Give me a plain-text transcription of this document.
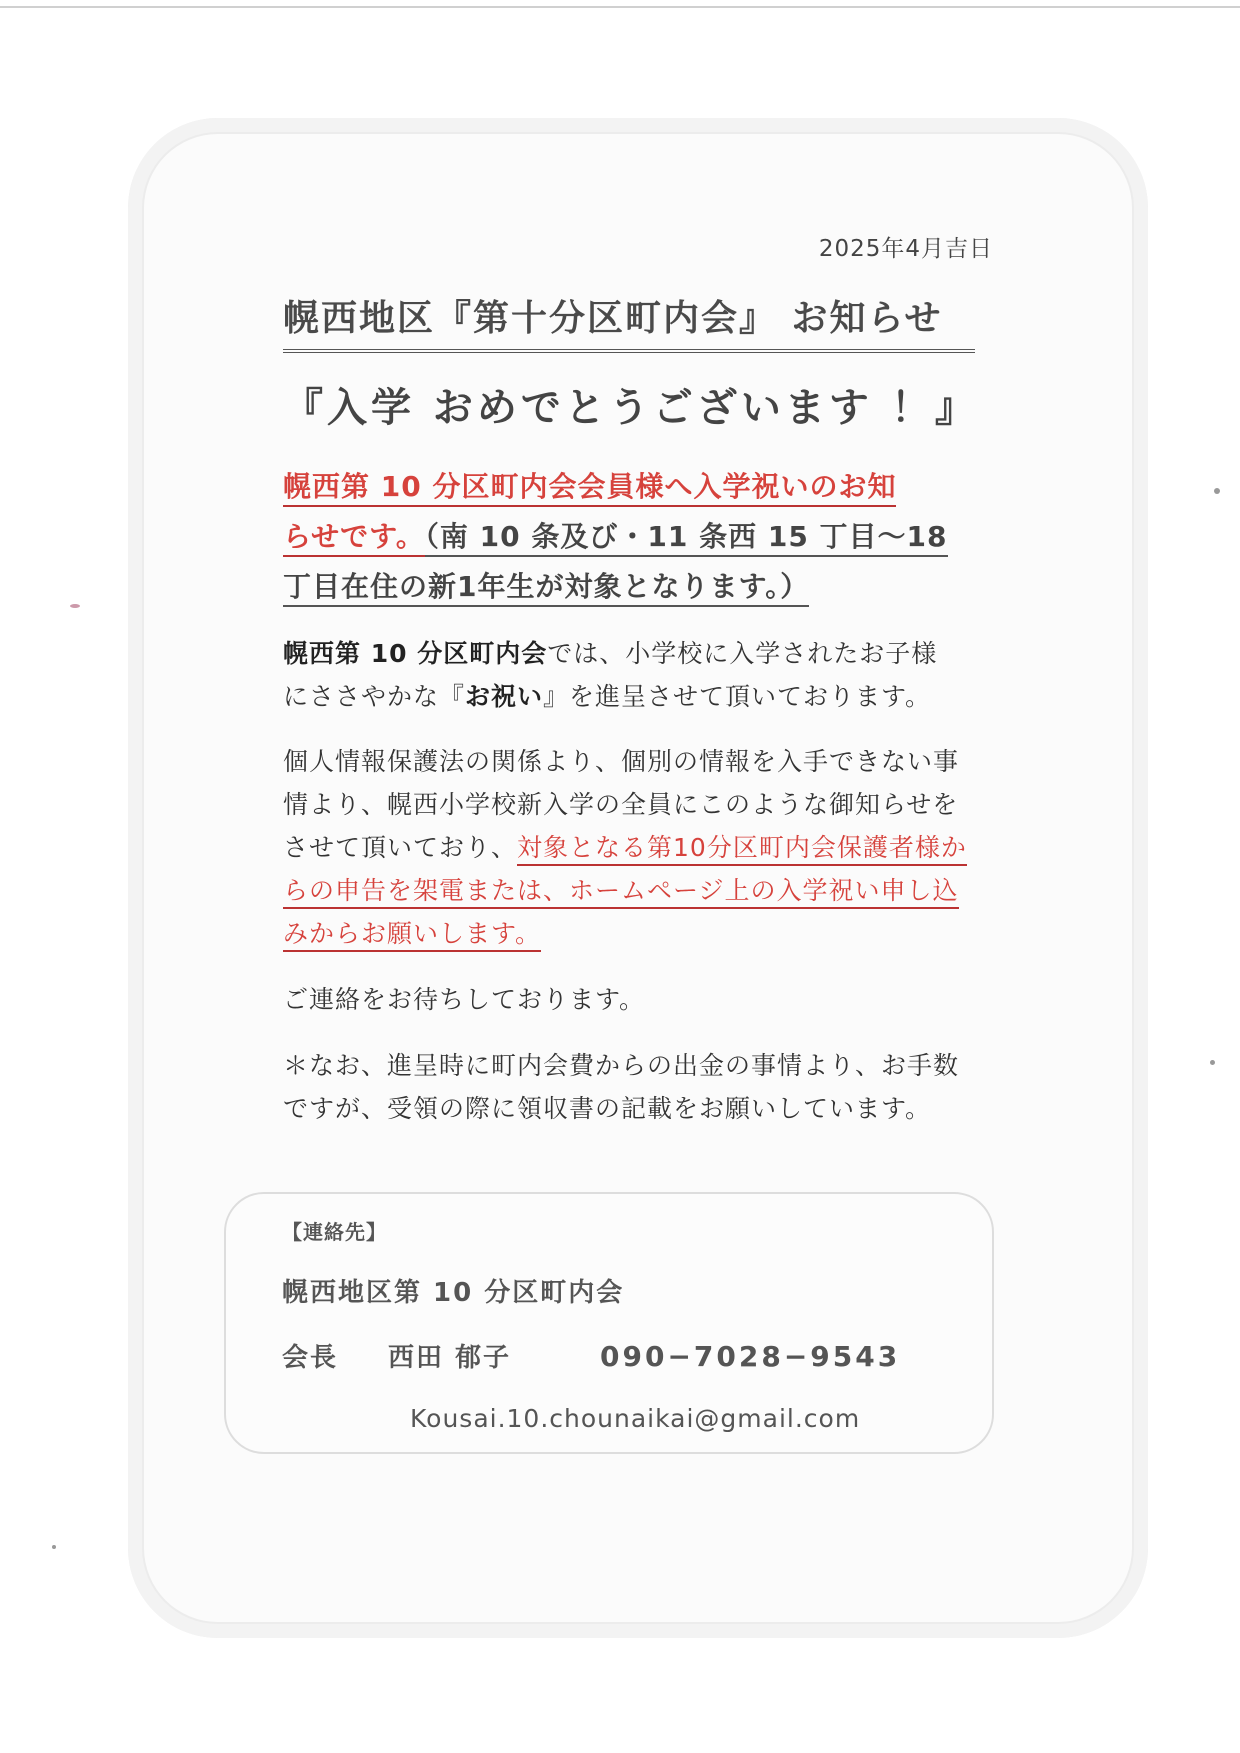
2025年4月吉日
幌西地区『第十分区町内会』 お知らせ
『入学 おめでとうございます ！』
幌西第 10 分区町内会会員様へ入学祝いのお知
らせです。（南 10 条及び・11 条西 15 丁目～18
丁目在住の新1年生が対象となります。）
幌西第 10 分区町内会では、小学校に入学されたお子様
にささやかな『お祝い』を進呈させて頂いております。
個人情報保護法の関係より、個別の情報を入手できない事
情より、幌西小学校新入学の全員にこのような御知らせを
させて頂いており、対象となる第10分区町内会保護者様か
らの申告を架電または、ホームページ上の入学祝い申し込
みからお願いします。
ご連絡をお待ちしております。
＊なお、進呈時に町内会費からの出金の事情より、お手数
ですが、受領の際に領収書の記載をお願いしています。
【連絡先】
幌西地区第 10 分区町内会
会長 西田 郁子	090−7028−9543
Kousai.10.chounaikai@gmail.com
